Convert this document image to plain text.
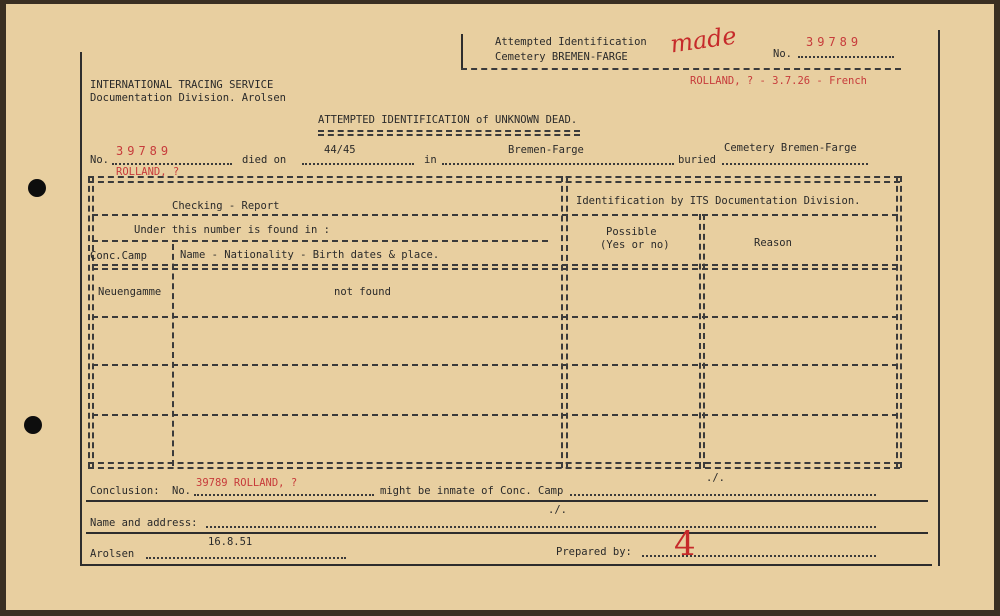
Attempted Identification
Cemetery BREMEN-FARGE made	No.
39789
ROLLAND, ? - 3.7.26 - French
INTERNATIONAL TRACING SERVICE
Documentation Division. Arolsen
ATTEMPTED IDENTIFICATION of UNKNOWN DEAD.
No.
39789
died on
44/45
in
Bremen-Farge
buried
Cemetery Bremen-Farge
ROLLAND, ?
Checking - Report	Identification by ITS Documentation Division.
Under this number is found in :
Conc.Camp	Name - Nationality - Birth dates & place.
Possible
(Yes or no)	Reason
Neuengamme	not found
Conclusion: No.
39789 ROLLAND, ?
might be inmate of Conc. Camp
./.
Name and address:
./.
Arolsen
16.8.51
Prepared by: 4
